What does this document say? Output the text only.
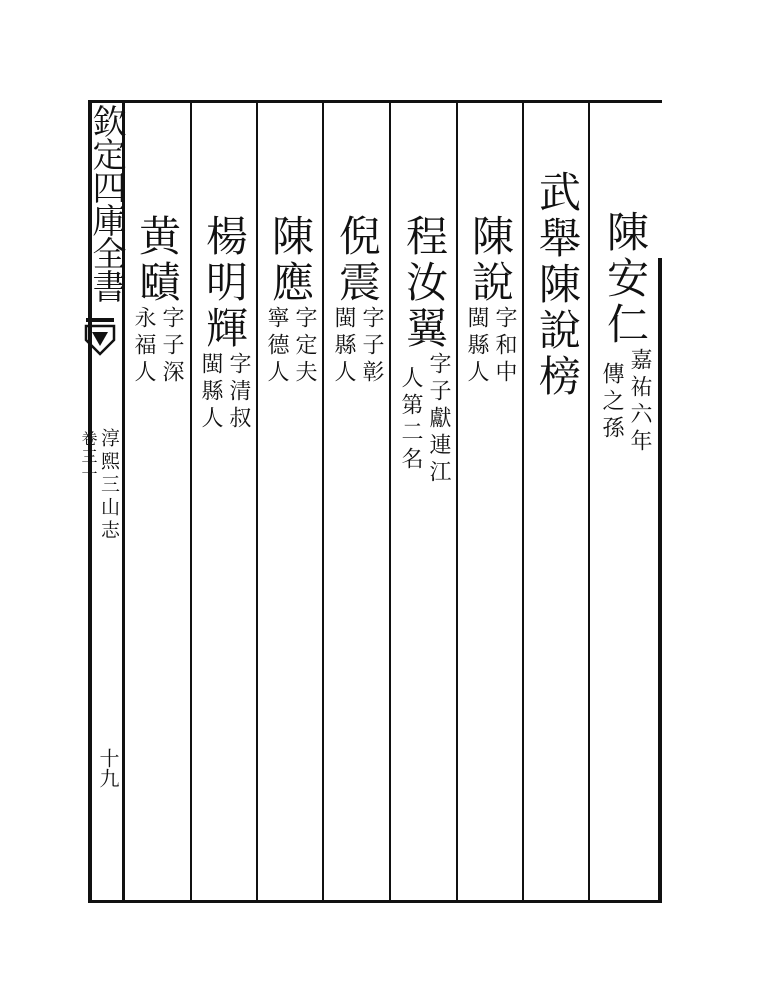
欽定四庫全書
淳熙三山志
卷三十
十九
陳安仁
嘉祐六年
傳之孫
武舉陳說榜
陳說
字和中
閩縣人
程汝翼
字子獻連江
人第二名
倪震
字子彰
閩縣人
陳應
字定夫
寧德人
楊明輝
字清叔
閩縣人
黄賾
字子深
永福人
